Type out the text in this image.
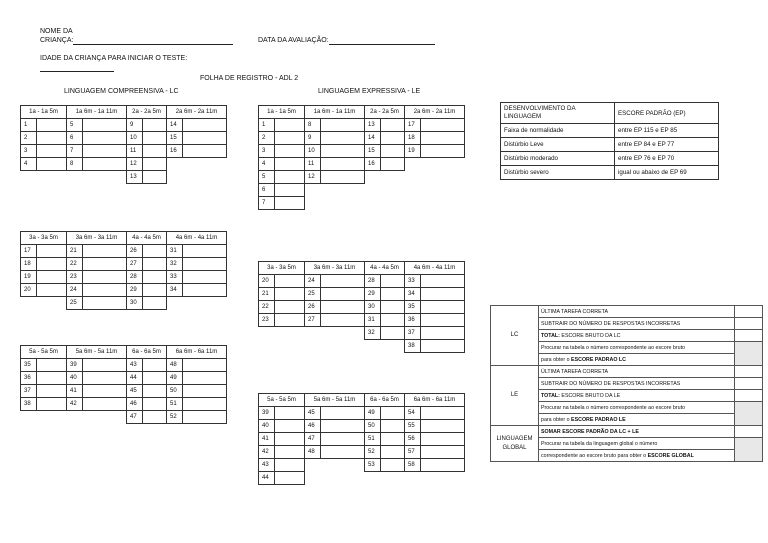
NOME DA
CRIANÇA:	DATA DA AVALIAÇÃO:
IDADE DA CRIANÇA PARA INICIAR O TESTE:
FOLHA DE REGISTRO - ADL 2
LINGUAGEM COMPREENSIVA - LC	LINGUAGEM EXPRESSIVA - LE
1a - 1a 5m		1a 6m - 1a 11m		2a - 2a 5m		2a 6m - 2a 11m	
1		5		9		14	
2		6		10		15	
3		7		11		16	
4		8		12			
				13			
3a - 3a 5m		3a 6m - 3a 11m		4a - 4a 5m		4a 6m - 4a 11m	
17		21		26		31	
18		22		27		32	
19		23		28		33	
20		24		29		34	
		25		30			
5a - 5a 5m		5a 6m - 5a 11m		6a - 6a 5m		6a 6m - 6a 11m	
35		39		43		48	
36		40		44		49	
37		41		45		50	
38		42		46		51	
				47		52	
1a - 1a 5m		1a 6m - 1a 11m		2a - 2a 5m		2a 6m - 2a 11m	
1		8		13		17	
2		9		14		18	
3		10		15		19	
4		11		16			
5		12					
6							
7							
3a - 3a 5m		3a 6m - 3a 11m		4a - 4a 5m		4a 6m - 4a 11m	
20		24		28		33	
21		25		29		34	
22		26		30		35	
23		27		31		36	
				32		37	
						38	
5a - 5a 5m		5a 6m - 5a 11m		6a - 6a 5m		6a 6m - 6a 11m	
39		45		49		54	
40		46		50		55	
41		47		51		56	
42		48		52		57	
43				53		58	
44							
DESENVOLVIMENTO DA LINGUAGEM	ESCORE PADRÃO (EP)
Faixa de normalidade	entre EP 115 e EP 85
Distúrbio Leve	entre EP 84 e EP 77
Distúrbio moderado	entre EP 76 e EP 70
Distúrbio severo	igual ou abaixo de EP 69
LC	ÚLTIMA TAREFA CORRETA	
	SUBTRAIR DO NÚMERO DE RESPOSTAS INCORRETAS	
	TOTAL: ESCORE BRUTO DA LC	
	Procurar na tabela o número correspondente ao escore bruto	
	para obter o ESCORE PADRAO LC	
LE	ÚLTIMA TAREFA CORRETA	
	SUBTRAIR DO NÚMERO DE RESPOSTAS INCORRETAS	
	TOTAL: ESCORE BRUTO DA LE	
	Procurar na tabela o número correspondente ao escore bruto	
	para obter o ESCORE PADRAO LE	
LINGUAGEM
GLOBAL	SOMAR ESCORE PADRÃO DA LC + LE	
	Procurar na tabela da linguagem global o número	
	correspondente ao escore bruto para obter o ESCORE GLOBAL	
